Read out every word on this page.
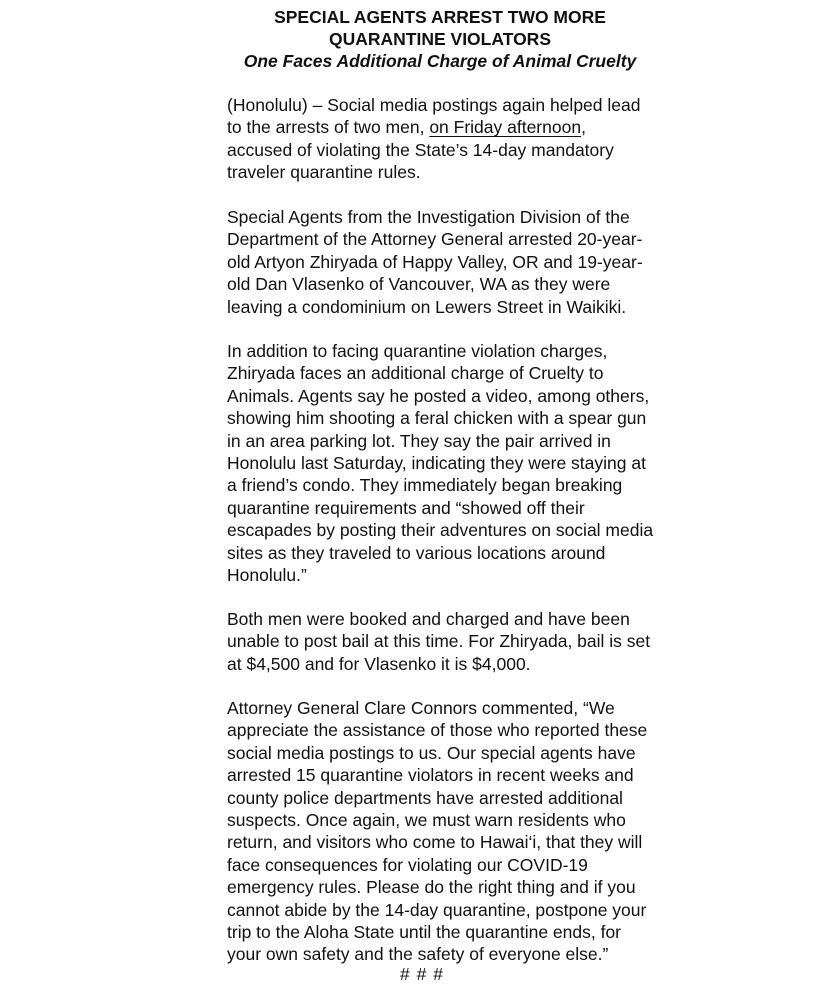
SPECIAL AGENTS ARREST TWO MORE
QUARANTINE VIOLATORS
One Faces Additional Charge of Animal Cruelty

(Honolulu) – Social media postings again helped lead
to the arrests of two men, on Friday afternoon,
accused of violating the State’s 14-day mandatory
traveler quarantine rules.

Special Agents from the Investigation Division of the
Department of the Attorney General arrested 20-year-
old Artyon Zhiryada of Happy Valley, OR and 19-year-
old Dan Vlasenko of Vancouver, WA as they were
leaving a condominium on Lewers Street in Waikiki.

In addition to facing quarantine violation charges,
Zhiryada faces an additional charge of Cruelty to
Animals. Agents say he posted a video, among others,
showing him shooting a feral chicken with a spear gun
in an area parking lot. They say the pair arrived in
Honolulu last Saturday, indicating they were staying at
a friend’s condo. They immediately began breaking
quarantine requirements and “showed off their
escapades by posting their adventures on social media
sites as they traveled to various locations around
Honolulu.”

Both men were booked and charged and have been
unable to post bail at this time. For Zhiryada, bail is set
at $4,500 and for Vlasenko it is $4,000.

Attorney General Clare Connors commented, “We
appreciate the assistance of those who reported these
social media postings to us. Our special agents have
arrested 15 quarantine violators in recent weeks and
county police departments have arrested additional
suspects. Once again, we must warn residents who
return, and visitors who come to Hawai‘i, that they will
face consequences for violating our COVID-19
emergency rules. Please do the right thing and if you
cannot abide by the 14-day quarantine, postpone your
trip to the Aloha State until the quarantine ends, for
your own safety and the safety of everyone else.”

# # #
